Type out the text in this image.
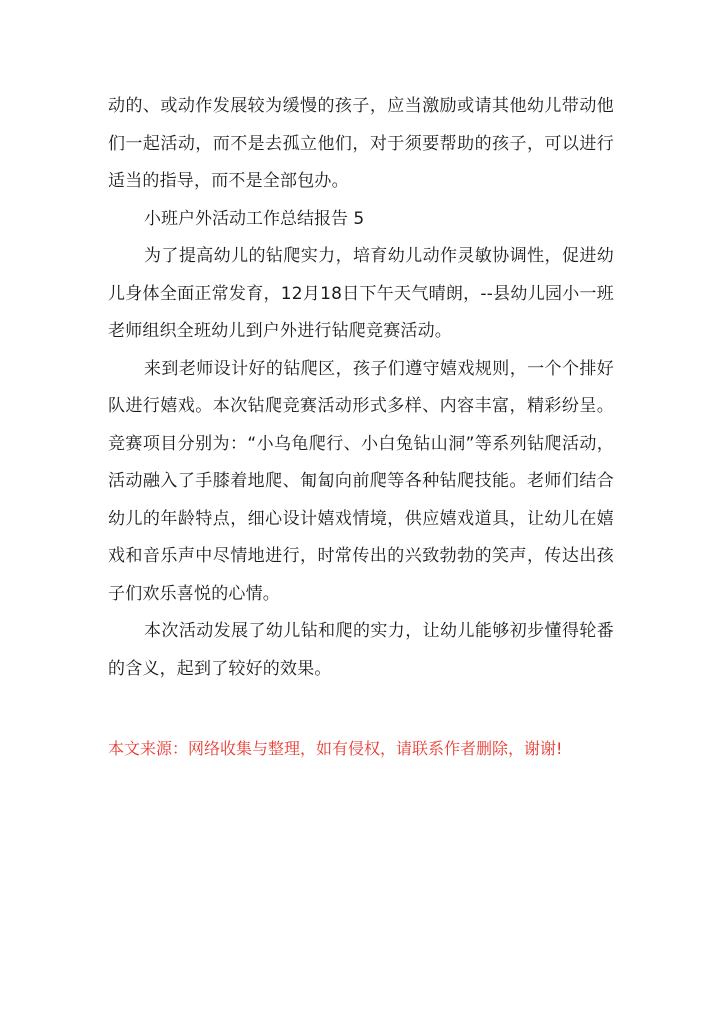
动的、或动作发展较为缓慢的孩子，应当激励或请其他幼儿带动他们一起活动，而不是去孤立他们，对于须要帮助的孩子，可以进行适当的指导，而不是全部包办。

小班户外活动工作总结报告 5

为了提高幼儿的钻爬实力，培育幼儿动作灵敏协调性，促进幼儿身体全面正常发育，12月18日下午天气晴朗，--县幼儿园小一班老师组织全班幼儿到户外进行钻爬竞赛活动。

来到老师设计好的钻爬区，孩子们遵守嬉戏规则，一个个排好队进行嬉戏。本次钻爬竞赛活动形式多样、内容丰富，精彩纷呈。竞赛项目分别为：“小乌龟爬行、小白兔钻山洞”等系列钻爬活动，活动融入了手膝着地爬、匍匐向前爬等各种钻爬技能。老师们结合幼儿的年龄特点，细心设计嬉戏情境，供应嬉戏道具，让幼儿在嬉戏和音乐声中尽情地进行，时常传出的兴致勃勃的笑声，传达出孩子们欢乐喜悦的心情。

本次活动发展了幼儿钻和爬的实力，让幼儿能够初步懂得轮番的含义，起到了较好的效果。

本文来源：网络收集与整理，如有侵权，请联系作者删除，谢谢!
